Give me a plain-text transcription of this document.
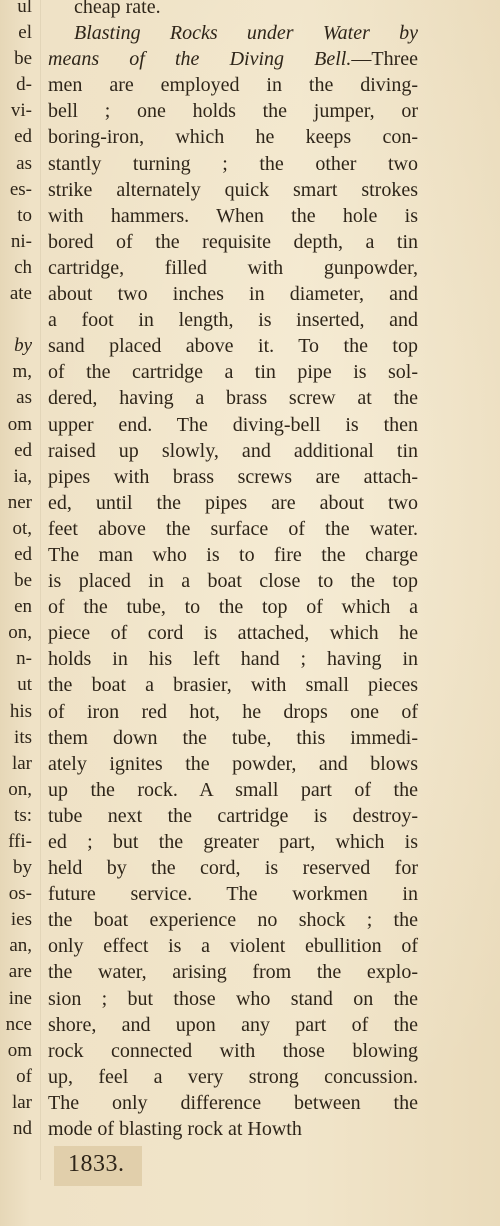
ul
el
be
d-
vi-
ed
as
es-
to
ni-
ch
ate

by
m,
as
om
ed
ia,
ner
ot,
ed
be
en
on,
n-
ut
his
its
lar
on,
ts:
ffi-
by
os-
ies
an,
are
ine
nce
om
of
lar
nd
cheap rate.
Blasting Rocks under Water by
means of the Diving Bell.—Three
men are employed in the diving-
bell ; one holds the jumper, or
boring-iron, which he keeps con-
stantly turning ; the other two
strike alternately quick smart strokes
with hammers. When the hole is
bored of the requisite depth, a tin
cartridge, filled with gunpowder,
about two inches in diameter, and
a foot in length, is inserted, and
sand placed above it. To the top
of the cartridge a tin pipe is sol-
dered, having a brass screw at the
upper end. The diving-bell is then
raised up slowly, and additional tin
pipes with brass screws are attach-
ed, until the pipes are about two
feet above the surface of the water.
The man who is to fire the charge
is placed in a boat close to the top
of the tube, to the top of which a
piece of cord is attached, which he
holds in his left hand ; having in
the boat a brasier, with small pieces
of iron red hot, he drops one of
them down the tube, this immedi-
ately ignites the powder, and blows
up the rock. A small part of the
tube next the cartridge is destroy-
ed ; but the greater part, which is
held by the cord, is reserved for
future service. The workmen in
the boat experience no shock ; the
only effect is a violent ebullition of
the water, arising from the explo-
sion ; but those who stand on the
shore, and upon any part of the
rock connected with those blowing
up, feel a very strong concussion.
The only difference between the
mode of blasting rock at Howth
1833.
